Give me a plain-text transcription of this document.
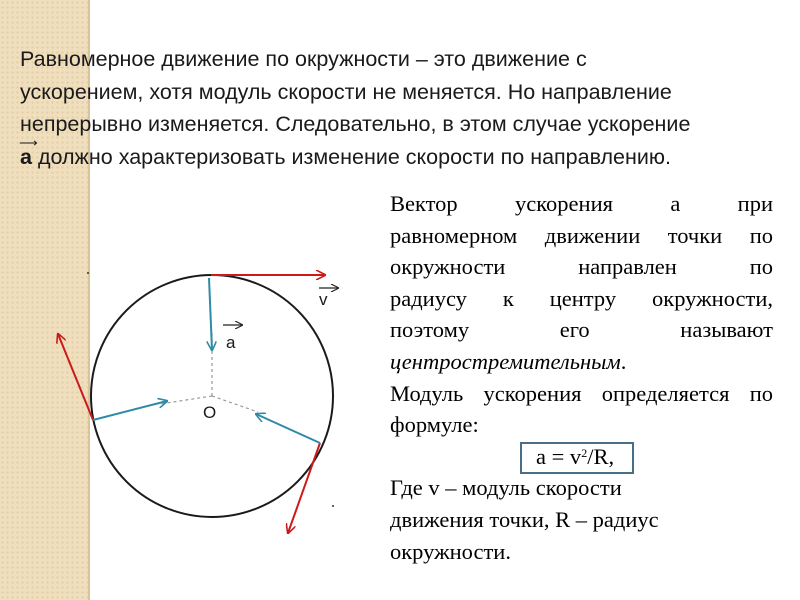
Равномерное движение по окружности – это движение с
ускорением, хотя модуль скорости не меняется. Но направление
непрерывно изменяется. Следовательно, в этом случае ускорение
⟶
а должно характеризовать изменение скорости по направлению.

Вектор ускорения а при

равномерном движении точки по

окружности направлен по

радиусу к центру окружности,

поэтому его называют

центростремительным.

Модуль ускорения определяется по формуле:

$а = v^2/R$,

Где v – модуль скорости

движения точки, R – радиус

окружности.

v
a
O
